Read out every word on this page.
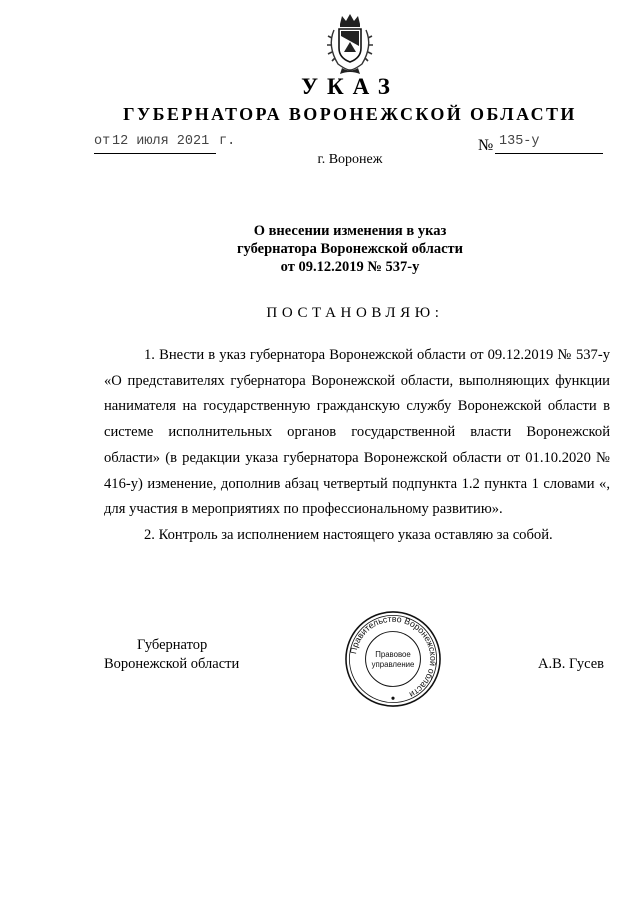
УКАЗ
ГУБЕРНАТОРА ВОРОНЕЖСКОЙ ОБЛАСТИ
от 12 июля 2021 г.	№ 135-у
г. Воронеж
О внесении изменения в указ
губернатора Воронежской области
от 09.12.2019 № 537-у
ПОСТАНОВЛЯЮ:

1. Внести в указ губернатора Воронежской области от 09.12.2019 № 537-у «О представителях губернатора Воронежской области, выполняющих функции нанимателя на государственную гражданскую службу Воронежской области в системе исполнительных органов государственной власти Воронежской области» (в редакции указа губернатора Воронежской области от 01.10.2020 № 416-у) изменение, дополнив абзац четвертый подпункта 1.2 пункта 1 словами «, для участия в мероприятиях по профессиональному развитию».

2. Контроль за исполнением настоящего указа оставляю за собой.

Губернатор
Воронежской области	А.В. Гусев
Правительство Воронежской области
Правовое
управление
